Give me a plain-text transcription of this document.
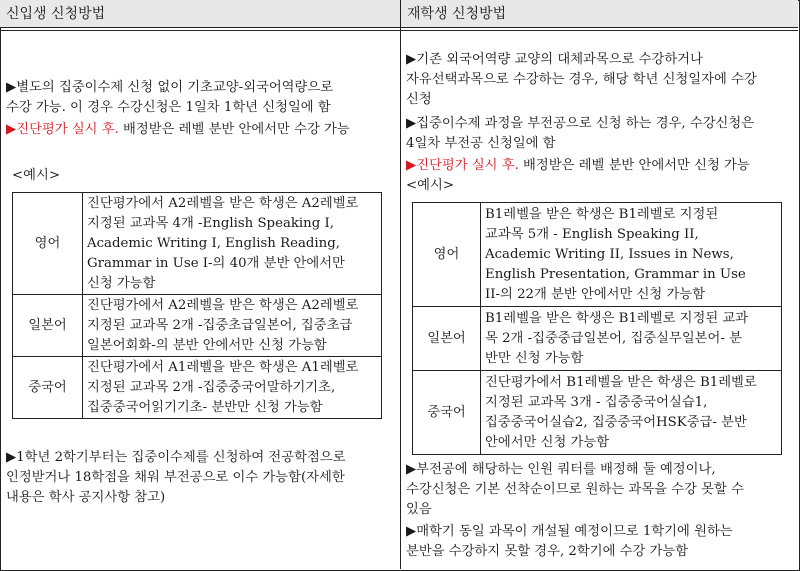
신입생 신청방법
▶별도의 집중이수제 신청 없이 기초교양-외국어역량으로
수강 가능. 이 경우 수강신청은 1일차 1학년 신청일에 함
▶진단평가 실시 후. 배정받은 레벨 분반 안에서만 수강 가능
<예시>
영어	진단평가에서 A2레벨을 받은 학생은 A2레벨로
지정된 교과목 4개 -English Speaking I,
Academic Writing I, English Reading,
Grammar in Use I-의 40개 분반 안에서만
신청 가능함

일본어	진단평가에서 A2레벨을 받은 학생은 A2레벨로
지정된 교과목 2개 -집중초급일본어, 집중초급
일본어회화-의 분반 안에서만 신청 가능함

중국어	진단평가에서 A1레벨을 받은 학생은 A1레벨로
지정된 교과목 2개 -집중중국어말하기기초,
집중중국어읽기기초- 분반만 신청 가능함
▶1학년 2학기부터는 집중이수제를 신청하여 전공학점으로
인정받거나 18학점을 채워 부전공으로 이수 가능함(자세한
내용은 학사 공지사항 참고)
재학생 신청방법
▶기존 외국어역량 교양의 대체과목으로 수강하거나
자유선택과목으로 수강하는 경우, 해당 학년 신청일자에 수강
신청
▶집중이수제 과정을 부전공으로 신청 하는 경우, 수강신청은
4일차 부전공 신청일에 함
▶진단평가 실시 후. 배정받은 레벨 분반 안에서만 신청 가능
<예시>
영어	B1레벨을 받은 학생은 B1레벨로 지정된
교과목 5개 - English Speaking II,
Academic Writing II, Issues in News,
English Presentation, Grammar in Use
II-의 22개 분반 안에서만 신청 가능함

일본어	B1레벨을 받은 학생은 B1레벨로 지정된 교과
목 2개 -집중중급일본어, 집중실무일본어- 분
반만 신청 가능함

중국어	진단평가에서 B1레벨을 받은 학생은 B1레벨로
지정된 교과목 3개 - 집중중국어실습1,
집중중국어실습2, 집중중국어HSK중급- 분반
안에서만 신청 가능함
▶부전공에 해당하는 인원 쿼터를 배정해 둘 예정이나,
수강신청은 기본 선착순이므로 원하는 과목을 수강 못할 수
있음
▶매학기 동일 과목이 개설될 예정이므로 1학기에 원하는
분반을 수강하지 못할 경우, 2학기에 수강 가능함
